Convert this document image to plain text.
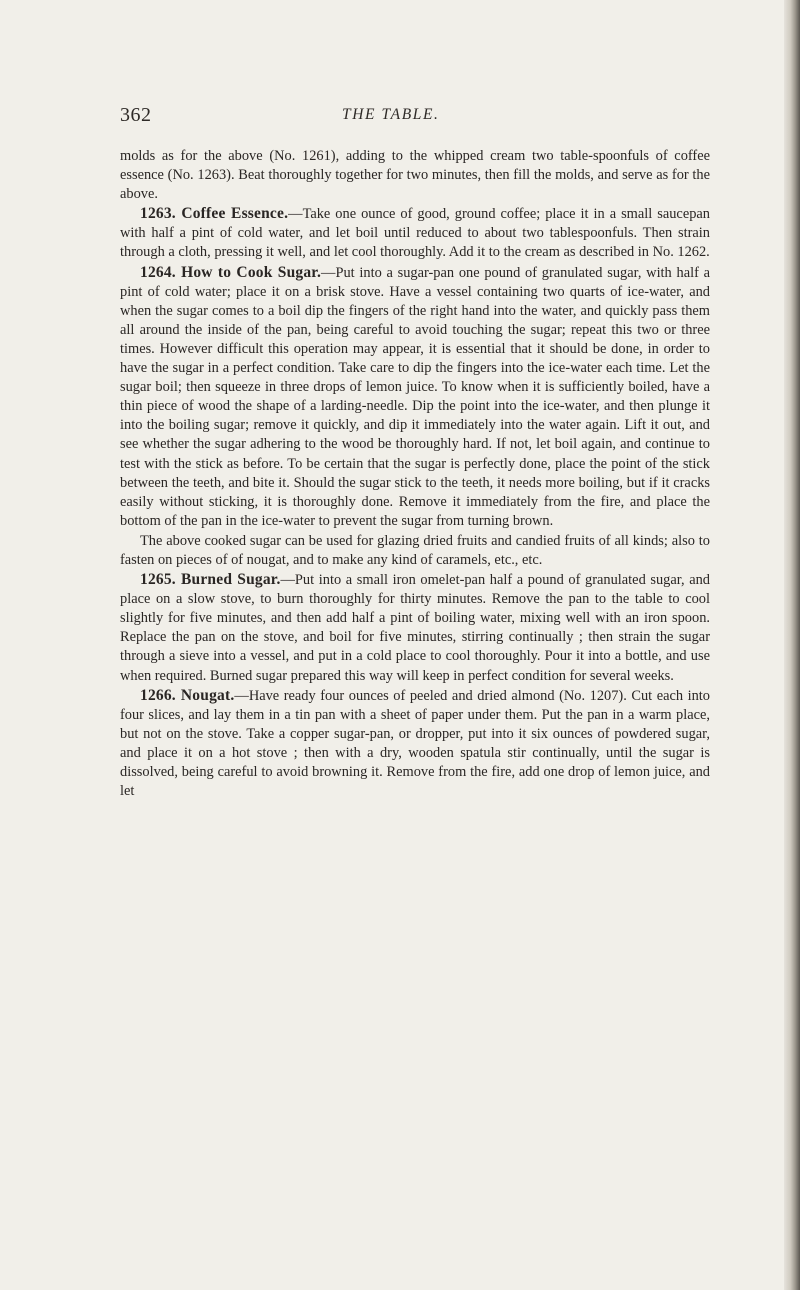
362	THE TABLE.

molds as for the above (No. 1261), adding to the whipped cream two table-spoonfuls of coffee essence (No. 1263). Beat thoroughly together for two minutes, then fill the molds, and serve as for the above.

1263. Coffee Essence.—Take one ounce of good, ground coffee; place it in a small saucepan with half a pint of cold water, and let boil until reduced to about two tablespoonfuls. Then strain through a cloth, pressing it well, and let cool thoroughly. Add it to the cream as described in No. 1262.

1264. How to Cook Sugar.—Put into a sugar-pan one pound of granulated sugar, with half a pint of cold water; place it on a brisk stove. Have a vessel containing two quarts of ice-water, and when the sugar comes to a boil dip the fingers of the right hand into the water, and quickly pass them all around the inside of the pan, being careful to avoid touching the sugar; repeat this two or three times. However difficult this operation may appear, it is essential that it should be done, in order to have the sugar in a perfect condition. Take care to dip the fingers into the ice-water each time. Let the sugar boil; then squeeze in three drops of lemon juice. To know when it is sufficiently boiled, have a thin piece of wood the shape of a larding-needle. Dip the point into the ice-water, and then plunge it into the boiling sugar; remove it quickly, and dip it immediately into the water again. Lift it out, and see whether the sugar adhering to the wood be thoroughly hard. If not, let boil again, and continue to test with the stick as before. To be certain that the sugar is perfectly done, place the point of the stick between the teeth, and bite it. Should the sugar stick to the teeth, it needs more boiling, but if it cracks easily without sticking, it is thoroughly done. Remove it immediately from the fire, and place the bottom of the pan in the ice-water to prevent the sugar from turning brown.

The above cooked sugar can be used for glazing dried fruits and candied fruits of all kinds; also to fasten on pieces of of nougat, and to make any kind of caramels, etc., etc.

1265. Burned Sugar.—Put into a small iron omelet-pan half a pound of granulated sugar, and place on a slow stove, to burn thoroughly for thirty minutes. Remove the pan to the table to cool slightly for five minutes, and then add half a pint of boiling water, mixing well with an iron spoon. Replace the pan on the stove, and boil for five minutes, stirring continually ; then strain the sugar through a sieve into a vessel, and put in a cold place to cool thoroughly. Pour it into a bottle, and use when required. Burned sugar prepared this way will keep in perfect condition for several weeks.

1266. Nougat.—Have ready four ounces of peeled and dried almond (No. 1207). Cut each into four slices, and lay them in a tin pan with a sheet of paper under them. Put the pan in a warm place, but not on the stove. Take a copper sugar-pan, or dropper, put into it six ounces of powdered sugar, and place it on a hot stove ; then with a dry, wooden spatula stir continually, until the sugar is dissolved, being careful to avoid browning it. Remove from the fire, add one drop of lemon juice, and let
